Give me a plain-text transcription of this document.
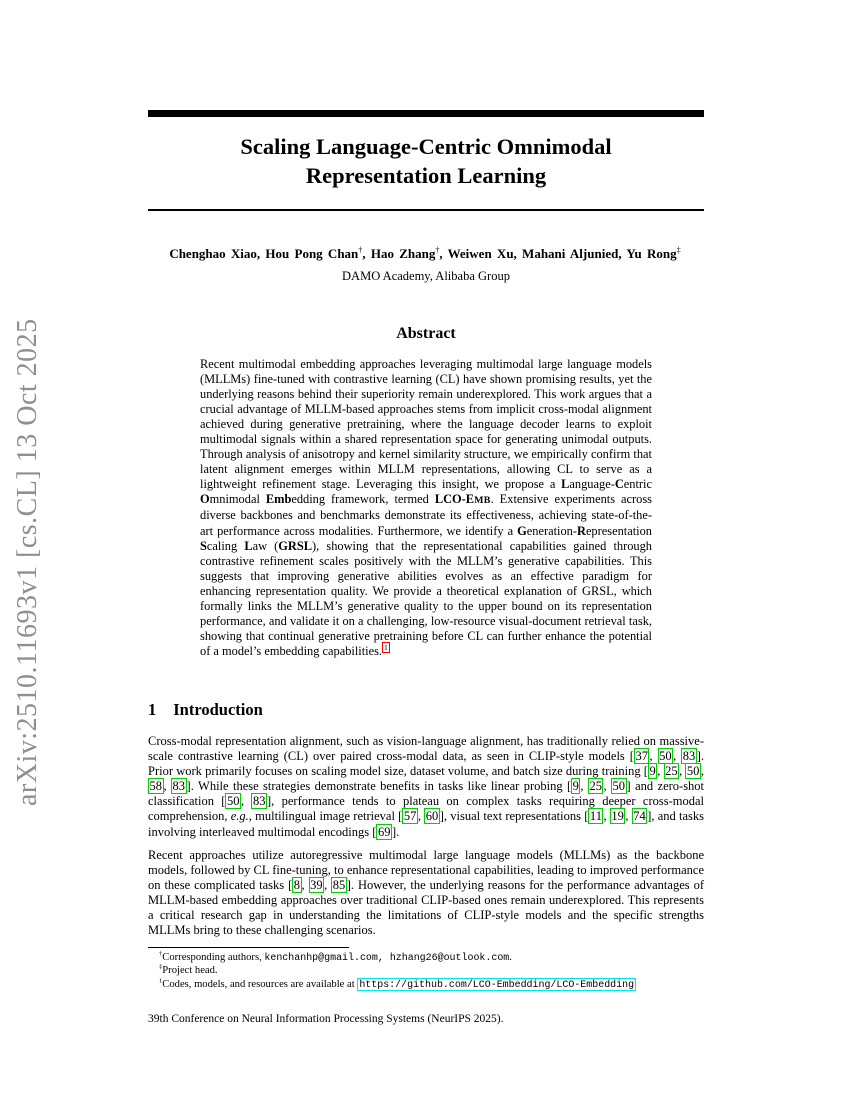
arXiv:2510.11693v1 [cs.CL] 13 Oct 2025
Scaling Language-Centric Omnimodal
Representation Learning
Chenghao Xiao, Hou Pong Chan†, Hao Zhang†, Weiwen Xu, Mahani Aljunied, Yu Rong‡
DAMO Academy, Alibaba Group
Abstract
Recent multimodal embedding approaches leveraging multimodal large language models (MLLMs) fine-tuned with contrastive learning (CL) have shown promising results, yet the underlying reasons behind their superiority remain underexplored. This work argues that a crucial advantage of MLLM-based approaches stems from implicit cross-modal alignment achieved during generative pretraining, where the language decoder learns to exploit multimodal signals within a shared representation space for generating unimodal outputs. Through analysis of anisotropy and kernel similarity structure, we empirically confirm that latent alignment emerges within MLLM representations, allowing CL to serve as a lightweight refinement stage. Leveraging this insight, we propose a Language-Centric Omnimodal Embedding framework, termed LCO-EMB. Extensive experiments across diverse backbones and benchmarks demonstrate its effectiveness, achieving state-of-the-art performance across modalities. Furthermore, we identify a Generation-Representation Scaling Law (GRSL), showing that the representational capabilities gained through contrastive refinement scales positively with the MLLM’s generative capabilities. This suggests that improving generative abilities evolves as an effective paradigm for enhancing representation quality. We provide a theoretical explanation of GRSL, which formally links the MLLM’s generative quality to the upper bound on its representation performance, and validate it on a challenging, low-resource visual-document retrieval task, showing that continual generative pretraining before CL can further enhance the potential of a model’s embedding capabilities. $^1$
1 Introduction
Cross-modal representation alignment, such as vision-language alignment, has traditionally relied on massive-scale contrastive learning (CL) over paired cross-modal data, as seen in CLIP-style models [ 37 , 50 , 83 ]. Prior work primarily focuses on scaling model size, dataset volume, and batch size during training [ 9 , 25 , 50 , 58 , 83 ]. While these strategies demonstrate benefits in tasks like linear probing [ 9 , 25 , 50 ] and zero-shot classification [ 50 , 83 ], performance tends to plateau on complex tasks requiring deeper cross-modal comprehension, e.g., multilingual image retrieval [ 57 , 60 ], visual text representations [ 11 , 19 , 74 ], and tasks involving interleaved multimodal encodings [ 69 ].
Recent approaches utilize autoregressive multimodal large language models (MLLMs) as the backbone models, followed by CL fine-tuning, to enhance representational capabilities, leading to improved performance on these complicated tasks [ 8 , 39 , 85 ]. However, the underlying reasons for the performance advantages of MLLM-based embedding approaches over traditional CLIP-based ones remain underexplored. This represents a critical research gap in understanding the limitations of CLIP-style models and the specific strengths MLLMs bring to these challenging scenarios.

†Corresponding authors, kenchanhp@gmail.com, hzhang26@outlook.com.

‡Project head.

$^1$Codes, models, and resources are available at https://github.com/LCO-Embedding/LCO-Embedding

39th Conference on Neural Information Processing Systems (NeurIPS 2025).
